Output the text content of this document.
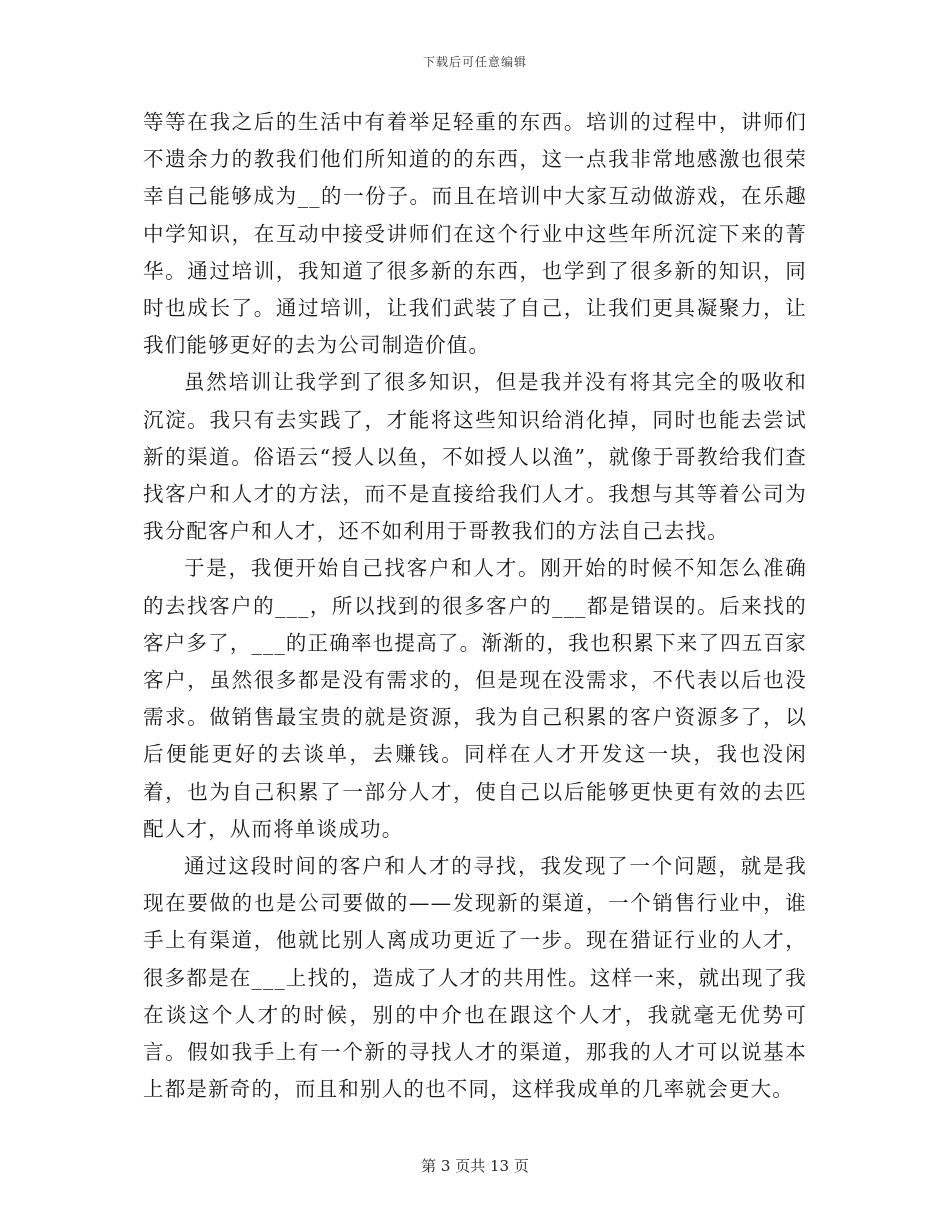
下载后可任意编辑

等等在我之后的生活中有着举足轻重的东西。培训的过程中，讲师们不遗余力的教我们他们所知道的的东西，这一点我非常地感激也很荣幸自己能够成为__的一份子。而且在培训中大家互动做游戏，在乐趣中学知识，在互动中接受讲师们在这个行业中这些年所沉淀下来的菁华。通过培训，我知道了很多新的东西，也学到了很多新的知识，同时也成长了。通过培训，让我们武装了自己，让我们更具凝聚力，让我们能够更好的去为公司制造价值。

虽然培训让我学到了很多知识，但是我并没有将其完全的吸收和沉淀。我只有去实践了，才能将这些知识给消化掉，同时也能去尝试新的渠道。俗语云“授人以鱼，不如授人以渔”，就像于哥教给我们查找客户和人才的方法，而不是直接给我们人才。我想与其等着公司为我分配客户和人才，还不如利用于哥教我们的方法自己去找。

于是，我便开始自己找客户和人才。刚开始的时候不知怎么准确的去找客户的___，所以找到的很多客户的___都是错误的。后来找的客户多了，___的正确率也提高了。渐渐的，我也积累下来了四五百家客户，虽然很多都是没有需求的，但是现在没需求，不代表以后也没需求。做销售最宝贵的就是资源，我为自己积累的客户资源多了，以后便能更好的去谈单，去赚钱。同样在人才开发这一块，我也没闲着，也为自己积累了一部分人才，使自己以后能够更快更有效的去匹配人才，从而将单谈成功。

通过这段时间的客户和人才的寻找，我发现了一个问题，就是我现在要做的也是公司要做的——发现新的渠道，一个销售行业中，谁手上有渠道，他就比别人离成功更近了一步。现在猎证行业的人才，很多都是在___上找的，造成了人才的共用性。这样一来，就出现了我在谈这个人才的时候，别的中介也在跟这个人才，我就毫无优势可言。假如我手上有一个新的寻找人才的渠道，那我的人才可以说基本上都是新奇的，而且和别人的也不同，这样我成单的几率就会更大。

第 3 页共 13 页
